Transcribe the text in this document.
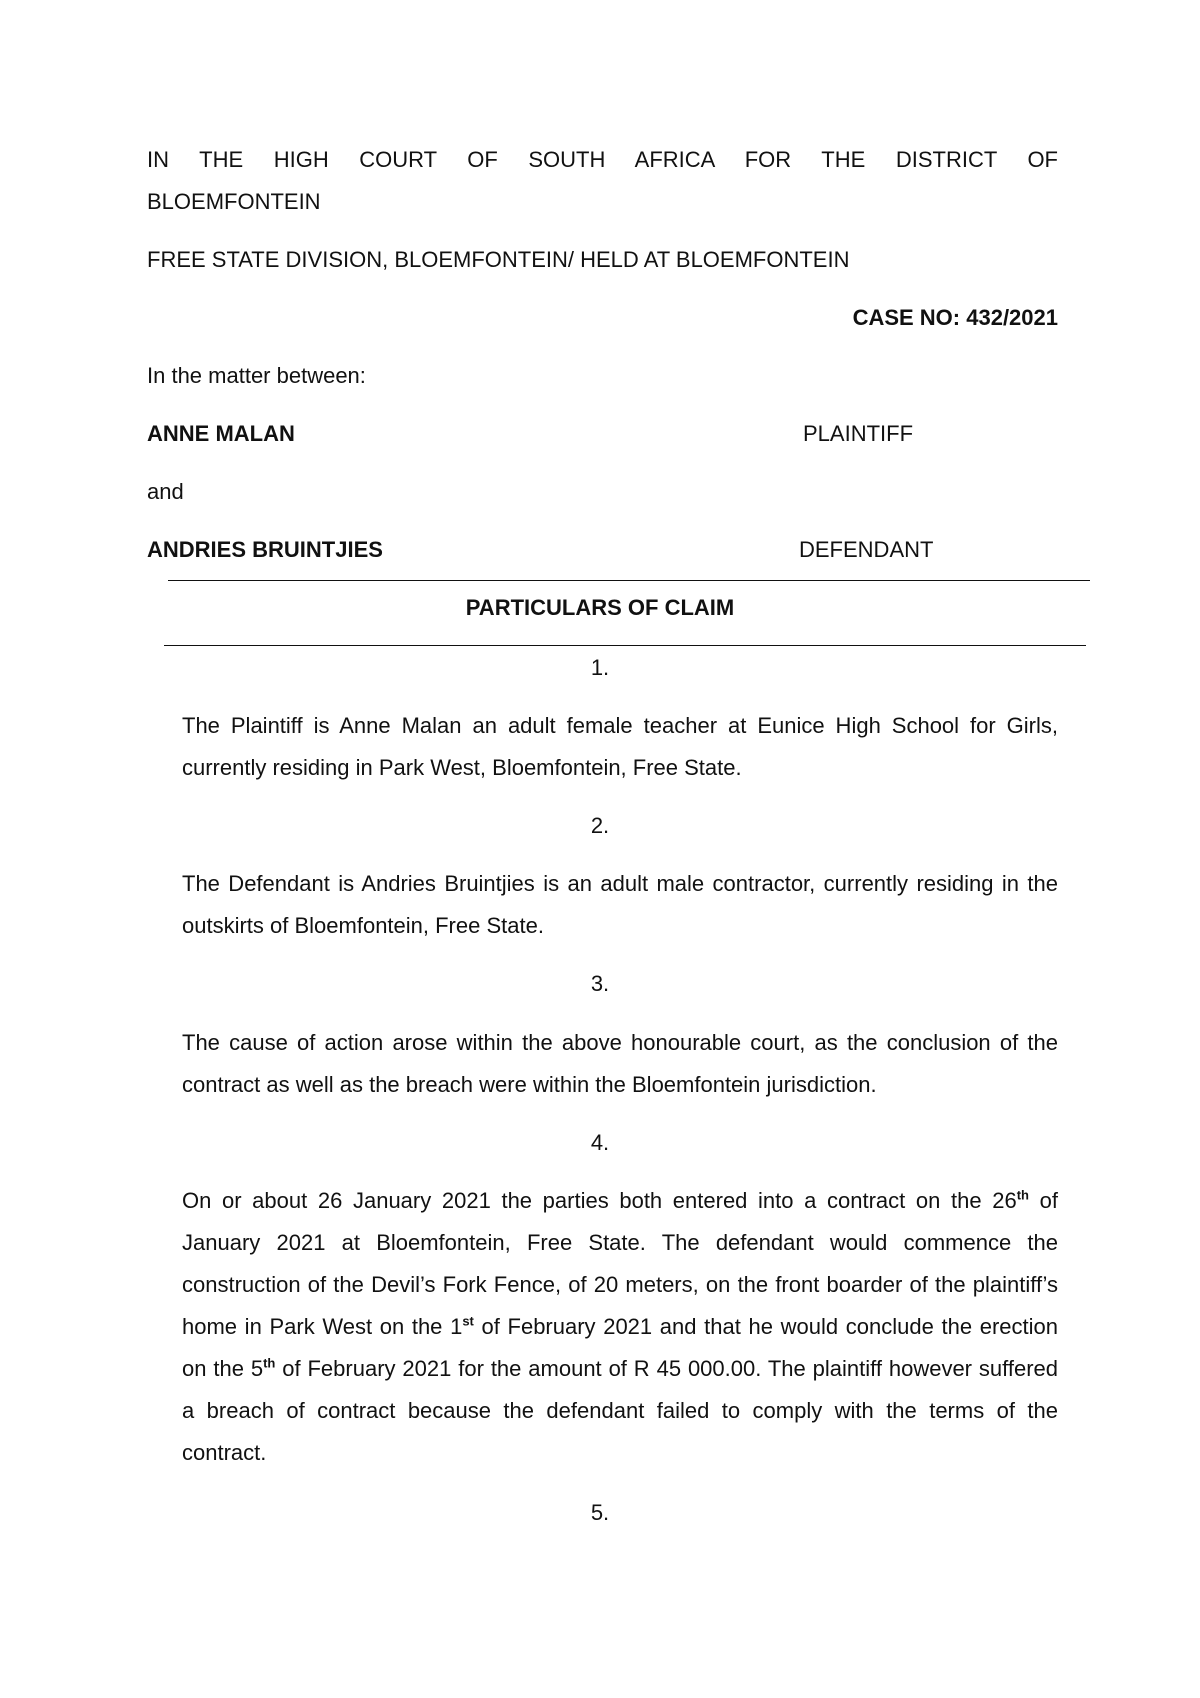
IN THE HIGH COURT OF SOUTH AFRICA FOR THE DISTRICT OF
BLOEMFONTEIN
FREE STATE DIVISION, BLOEMFONTEIN/ HELD AT BLOEMFONTEIN
CASE NO: 432/2021
In the matter between:
ANNE MALAN	PLAINTIFF
and
ANDRIES BRUINTJIES	DEFENDANT
PARTICULARS OF CLAIM
1.
The Plaintiff is Anne Malan an adult female teacher at Eunice High School for Girls, currently residing in Park West, Bloemfontein, Free State.
2.
The Defendant is Andries Bruintjies is an adult male contractor, currently residing in the outskirts of Bloemfontein, Free State.
3.
The cause of action arose within the above honourable court, as the conclusion of the contract as well as the breach were within the Bloemfontein jurisdiction.
4.
On or about 26 January 2021 the parties both entered into a contract on the 26th of January 2021 at Bloemfontein, Free State. The defendant would commence the construction of the Devil’s Fork Fence, of 20 meters, on the front boarder of the plaintiff’s home in Park West on the 1st of February 2021 and that he would conclude the erection on the 5th of February 2021 for the amount of R 45 000.00. The plaintiff however suffered a breach of contract because the defendant failed to comply with the terms of the contract.
5.
